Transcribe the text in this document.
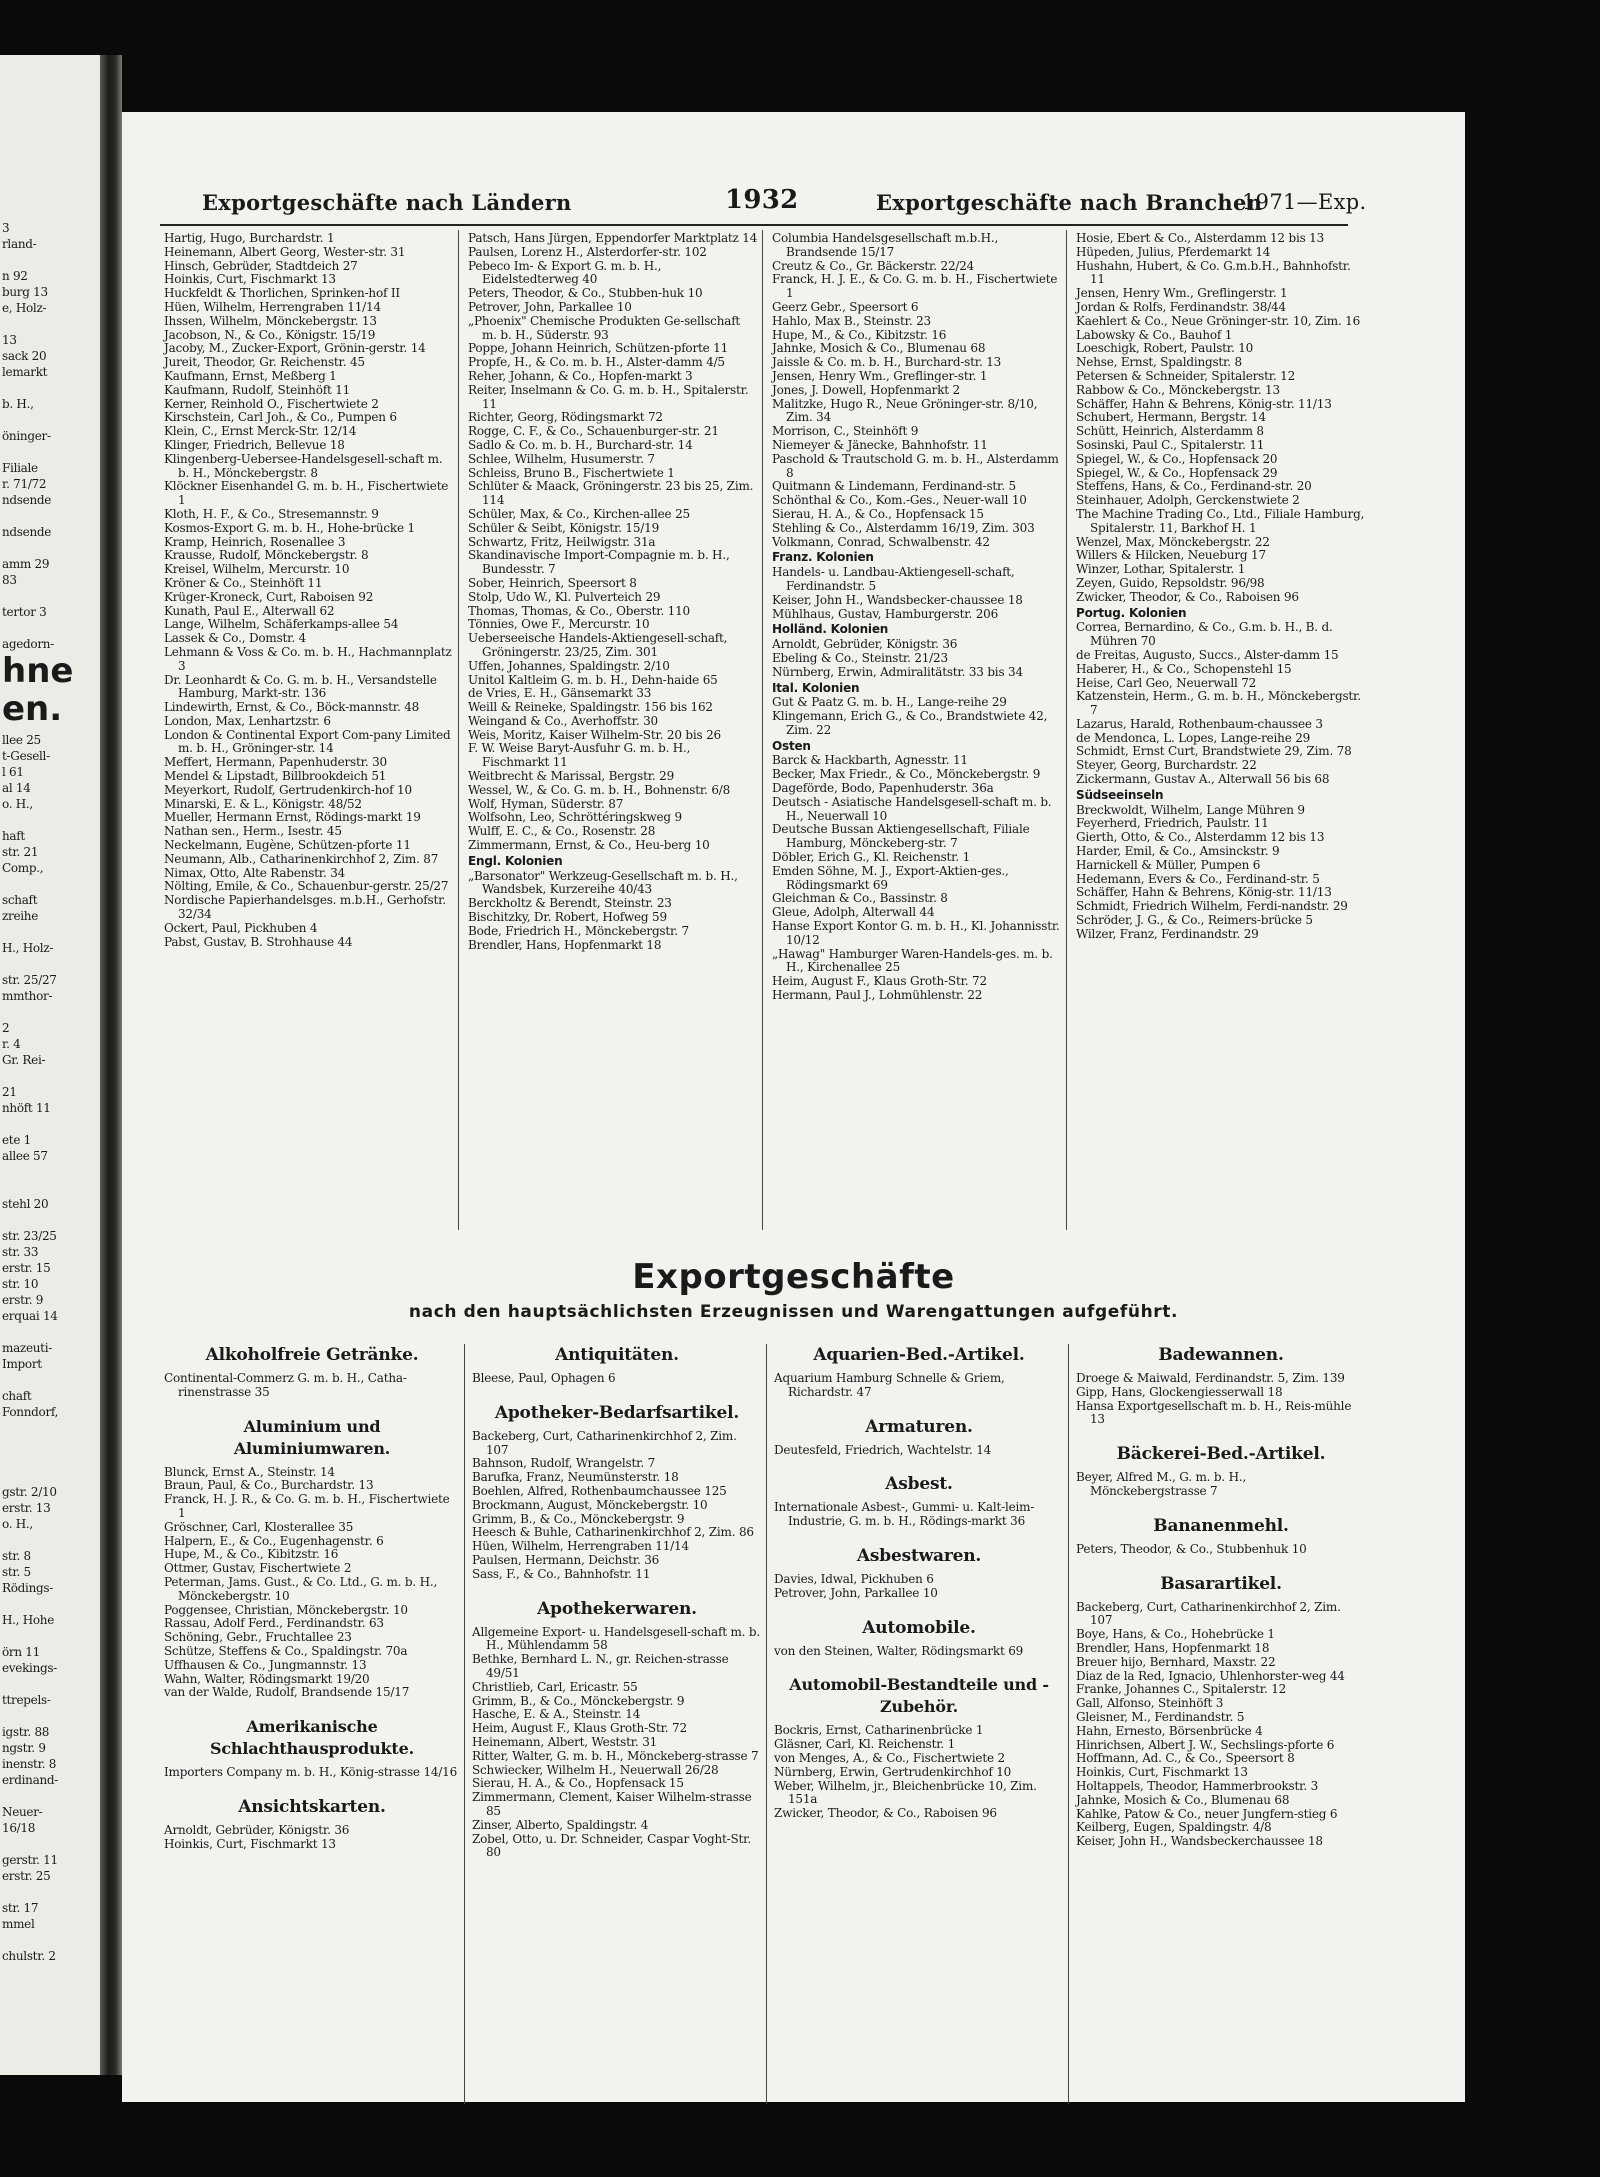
3
rland-

n 92
burg 13
e, Holz-

13
sack 20
lemarkt

b. H.,

öninger-

Filiale
r. 71/72
ndsende

ndsende

amm 29
83

tertor 3

agedorn-
hne
en.
llee 25
t-Gesell-
l 61
al 14
o. H.,

haft
str. 21
Comp.,

schaft
zreihe

H., Holz-

str. 25/27
mmthor-

2
r. 4
Gr. Rei-

21
nhöft 11

ete 1
allee 57

stehl 20

str. 23/25
str. 33
erstr. 15
str. 10
erstr. 9
erquai 14

mazeuti-
Import

chaft
Fonndorf,

gstr. 2/10
erstr. 13
o. H.,

str. 8
str. 5
Rödings-

H., Hohe

örn 11
evekings-

ttrepels-

igstr. 88
ngstr. 9
inenstr. 8
erdinand-

Neuer-
16/18

gerstr. 11
erstr. 25

str. 17
mmel

chulstr. 2
Exportgeschäfte nach Ländern	1932	Exportgeschäfte nach Branchen
1971—Exp.

Hartig, Hugo, Burchardstr. 1

Heinemann, Albert Georg, Wester-str. 31

Hinsch, Gebrüder, Stadtdeich 27

Hoinkis, Curt, Fischmarkt 13

Huckfeldt & Thorlichen, Sprinken-hof II

Hüen, Wilhelm, Herrengraben 11/14

Ihssen, Wilhelm, Mönckebergstr. 13

Jacobson, N., & Co., Königstr. 15/19

Jacoby, M., Zucker-Export, Grönin-gerstr. 14

Jureit, Theodor, Gr. Reichenstr. 45

Kaufmann, Ernst, Meßberg 1

Kaufmann, Rudolf, Steinhöft 11

Kerner, Reinhold O., Fischertwiete 2

Kirschstein, Carl Joh., & Co., Pumpen 6

Klein, C., Ernst Merck-Str. 12/14

Klinger, Friedrich, Bellevue 18

Klingenberg-Uebersee-Handelsgesell-schaft m. b. H., Mönckebergstr. 8

Klöckner Eisenhandel G. m. b. H., Fischertwiete 1

Kloth, H. F., & Co., Stresemannstr. 9

Kosmos-Export G. m. b. H., Hohe-brücke 1

Kramp, Heinrich, Rosenallee 3

Krausse, Rudolf, Mönckebergstr. 8

Kreisel, Wilhelm, Mercurstr. 10

Kröner & Co., Steinhöft 11

Krüger-Kroneck, Curt, Raboisen 92

Kunath, Paul E., Alterwall 62

Lange, Wilhelm, Schäferkamps-allee 54

Lassek & Co., Domstr. 4

Lehmann & Voss & Co. m. b. H., Hachmannplatz 3

Dr. Leonhardt & Co. G. m. b. H., Versandstelle Hamburg, Markt-str. 136

Lindewirth, Ernst, & Co., Böck-mannstr. 48

London, Max, Lenhartzstr. 6

London & Continental Export Com-pany Limited m. b. H., Gröninger-str. 14

Meffert, Hermann, Papenhuderstr. 30

Mendel & Lipstadt, Billbrookdeich 51

Meyerkort, Rudolf, Gertrudenkirch-hof 10

Minarski, E. & L., Königstr. 48/52

Mueller, Hermann Ernst, Rödings-markt 19

Nathan sen., Herm., Isestr. 45

Neckelmann, Eugène, Schützen-pforte 11

Neumann, Alb., Catharinenkirchhof 2, Zim. 87

Nimax, Otto, Alte Rabenstr. 34

Nölting, Emile, & Co., Schauenbur-gerstr. 25/27

Nordische Papierhandelsges. m.b.H., Gerhofstr. 32/34

Ockert, Paul, Pickhuben 4

Pabst, Gustav, B. Strohhause 44

Patsch, Hans Jürgen, Eppendorfer Marktplatz 14

Paulsen, Lorenz H., Alsterdorfer-str. 102

Pebeco Im- & Export G. m. b. H., Eidelstedterweg 40

Peters, Theodor, & Co., Stubben-huk 10

Petrover, John, Parkallee 10

„Phoenix" Chemische Produkten Ge-sellschaft m. b. H., Süderstr. 93

Poppe, Johann Heinrich, Schützen-pforte 11

Propfe, H., & Co. m. b. H., Alster-damm 4/5

Reher, Johann, & Co., Hopfen-markt 3

Reiter, Inselmann & Co. G. m. b. H., Spitalerstr. 11

Richter, Georg, Rödingsmarkt 72

Rogge, C. F., & Co., Schauenburger-str. 21

Sadlo & Co. m. b. H., Burchard-str. 14

Schlee, Wilhelm, Husumerstr. 7

Schleiss, Bruno B., Fischertwiete 1

Schlüter & Maack, Gröningerstr. 23 bis 25, Zim. 114

Schüler, Max, & Co., Kirchen-allee 25

Schüler & Seibt, Königstr. 15/19

Schwartz, Fritz, Heilwigstr. 31a

Skandinavische Import-Compagnie m. b. H., Bundesstr. 7

Sober, Heinrich, Speersort 8

Stolp, Udo W., Kl. Pulverteich 29

Thomas, Thomas, & Co., Oberstr. 110

Tönnies, Owe F., Mercurstr. 10

Ueberseeische Handels-Aktiengesell-schaft, Gröningerstr. 23/25, Zim. 301

Uffen, Johannes, Spaldingstr. 2/10

Unitol Kaltleim G. m. b. H., Dehn-haide 65

de Vries, E. H., Gänsemarkt 33

Weill & Reineke, Spaldingstr. 156 bis 162

Weingand & Co., Averhoffstr. 30

Weis, Moritz, Kaiser Wilhelm-Str. 20 bis 26

F. W. Weise Baryt-Ausfuhr G. m. b. H., Fischmarkt 11

Weitbrecht & Marissal, Bergstr. 29

Wessel, W., & Co. G. m. b. H., Bohnenstr. 6/8

Wolf, Hyman, Süderstr. 87

Wolfsohn, Leo, Schröttéringskweg 9

Wulff, E. C., & Co., Rosenstr. 28

Zimmermann, Ernst, & Co., Heu-berg 10

Engl. Kolonien

„Barsonator" Werkzeug-Gesellschaft m. b. H., Wandsbek, Kurzereihe 40/43

Berckholtz & Berendt, Steinstr. 23

Bischitzky, Dr. Robert, Hofweg 59

Bode, Friedrich H., Mönckebergstr. 7

Brendler, Hans, Hopfenmarkt 18

Columbia Handelsgesellschaft m.b.H., Brandsende 15/17

Creutz & Co., Gr. Bäckerstr. 22/24

Franck, H. J. E., & Co. G. m. b. H., Fischertwiete 1

Geerz Gebr., Speersort 6

Hahlo, Max B., Steinstr. 23

Hupe, M., & Co., Kibitzstr. 16

Jahnke, Mosich & Co., Blumenau 68

Jaissle & Co. m. b. H., Burchard-str. 13

Jensen, Henry Wm., Greflinger-str. 1

Jones, J. Dowell, Hopfenmarkt 2

Malitzke, Hugo R., Neue Gröninger-str. 8/10, Zim. 34

Morrison, C., Steinhöft 9

Niemeyer & Jänecke, Bahnhofstr. 11

Paschold & Trautschold G. m. b. H., Alsterdamm 8

Quitmann & Lindemann, Ferdinand-str. 5

Schönthal & Co., Kom.-Ges., Neuer-wall 10

Sierau, H. A., & Co., Hopfensack 15

Stehling & Co., Alsterdamm 16/19, Zim. 303

Volkmann, Conrad, Schwalbenstr. 42

Franz. Kolonien

Handels- u. Landbau-Aktiengesell-schaft, Ferdinandstr. 5

Keiser, John H., Wandsbecker-chaussee 18

Mühlhaus, Gustav, Hamburgerstr. 206

Holländ. Kolonien

Arnoldt, Gebrüder, Königstr. 36

Ebeling & Co., Steinstr. 21/23

Nürnberg, Erwin, Admiralitätstr. 33 bis 34

Ital. Kolonien

Gut & Paatz G. m. b. H., Lange-reihe 29

Klingemann, Erich G., & Co., Brandstwiete 42, Zim. 22

Osten

Barck & Hackbarth, Agnesstr. 11

Becker, Max Friedr., & Co., Mönckebergstr. 9

Dageförde, Bodo, Papenhuderstr. 36a

Deutsch - Asiatische Handelsgesell-schaft m. b. H., Neuerwall 10

Deutsche Bussan Aktiengesellschaft, Filiale Hamburg, Mönckeberg-str. 7

Döbler, Erich G., Kl. Reichenstr. 1

Emden Söhne, M. J., Export-Aktien-ges., Rödingsmarkt 69

Gleichman & Co., Bassinstr. 8

Gleue, Adolph, Alterwall 44

Hanse Export Kontor G. m. b. H., Kl. Johannisstr. 10/12

„Hawag" Hamburger Waren-Handels-ges. m. b. H., Kirchenallee 25

Heim, August F., Klaus Groth-Str. 72

Hermann, Paul J., Lohmühlenstr. 22

Hosie, Ebert & Co., Alsterdamm 12 bis 13

Hüpeden, Julius, Pferdemarkt 14

Hushahn, Hubert, & Co. G.m.b.H., Bahnhofstr. 11

Jensen, Henry Wm., Greflingerstr. 1

Jordan & Rolfs, Ferdinandstr. 38/44

Kaehlert & Co., Neue Gröninger-str. 10, Zim. 16

Labowsky & Co., Bauhof 1

Loeschigk, Robert, Paulstr. 10

Nehse, Ernst, Spaldingstr. 8

Petersen & Schneider, Spitalerstr. 12

Rabbow & Co., Mönckebergstr. 13

Schäffer, Hahn & Behrens, König-str. 11/13

Schubert, Hermann, Bergstr. 14

Schütt, Heinrich, Alsterdamm 8

Sosinski, Paul C., Spitalerstr. 11

Spiegel, W., & Co., Hopfensack 20

Spiegel, W., & Co., Hopfensack 29

Steffens, Hans, & Co., Ferdinand-str. 20

Steinhauer, Adolph, Gerckenstwiete 2

The Machine Trading Co., Ltd., Filiale Hamburg, Spitalerstr. 11, Barkhof H. 1

Wenzel, Max, Mönckebergstr. 22

Willers & Hilcken, Neueburg 17

Winzer, Lothar, Spitalerstr. 1

Zeyen, Guido, Repsoldstr. 96/98

Zwicker, Theodor, & Co., Raboisen 96

Portug. Kolonien

Correa, Bernardino, & Co., G.m. b. H., B. d. Mühren 70

de Freitas, Augusto, Succs., Alster-damm 15

Haberer, H., & Co., Schopenstehl 15

Heise, Carl Geo, Neuerwall 72

Katzenstein, Herm., G. m. b. H., Mönckebergstr. 7

Lazarus, Harald, Rothenbaum-chaussee 3

de Mendonca, L. Lopes, Lange-reihe 29

Schmidt, Ernst Curt, Brandstwiete 29, Zim. 78

Steyer, Georg, Burchardstr. 22

Zickermann, Gustav A., Alterwall 56 bis 68

Südseeinseln

Breckwoldt, Wilhelm, Lange Mühren 9

Feyerherd, Friedrich, Paulstr. 11

Gierth, Otto, & Co., Alsterdamm 12 bis 13

Harder, Emil, & Co., Amsinckstr. 9

Harnickell & Müller, Pumpen 6

Hedemann, Evers & Co., Ferdinand-str. 5

Schäffer, Hahn & Behrens, König-str. 11/13

Schmidt, Friedrich Wilhelm, Ferdi-nandstr. 29

Schröder, J. G., & Co., Reimers-brücke 5

Wilzer, Franz, Ferdinandstr. 29

Exportgeschäfte
nach den hauptsächlichsten Erzeugnissen und Warengattungen aufgeführt.
Alkoholfreie Getränke.

Continental-Commerz G. m. b. H., Catha-rinenstrasse 35

Aluminium und Aluminiumwaren.

Blunck, Ernst A., Steinstr. 14

Braun, Paul, & Co., Burchardstr. 13

Franck, H. J. R., & Co. G. m. b. H., Fischertwiete 1

Gröschner, Carl, Klosterallee 35

Halpern, E., & Co., Eugenhagenstr. 6

Hupe, M., & Co., Kibitzstr. 16

Ottmer, Gustav, Fischertwiete 2

Peterman, Jams. Gust., & Co. Ltd., G. m. b. H., Mönckebergstr. 10

Poggensee, Christian, Mönckebergstr. 10

Rassau, Adolf Ferd., Ferdinandstr. 63

Schöning, Gebr., Fruchtallee 23

Schütze, Steffens & Co., Spaldingstr. 70a

Uffhausen & Co., Jungmannstr. 13

Wahn, Walter, Rödingsmarkt 19/20

van der Walde, Rudolf, Brandsende 15/17

Amerikanische Schlachthausprodukte.

Importers Company m. b. H., König-strasse 14/16

Ansichtskarten.

Arnoldt, Gebrüder, Königstr. 36

Hoinkis, Curt, Fischmarkt 13

Antiquitäten.

Bleese, Paul, Ophagen 6

Apotheker-Bedarfsartikel.

Backeberg, Curt, Catharinenkirchhof 2, Zim. 107

Bahnson, Rudolf, Wrangelstr. 7

Barufka, Franz, Neumünsterstr. 18

Boehlen, Alfred, Rothenbaumchaussee 125

Brockmann, August, Mönckebergstr. 10

Grimm, B., & Co., Mönckebergstr. 9

Heesch & Buhle, Catharinenkirchhof 2, Zim. 86

Hüen, Wilhelm, Herrengraben 11/14

Paulsen, Hermann, Deichstr. 36

Sass, F., & Co., Bahnhofstr. 11

Apothekerwaren.

Allgemeine Export- u. Handelsgesell-schaft m. b. H., Mühlendamm 58

Bethke, Bernhard L. N., gr. Reichen-strasse 49/51

Christlieb, Carl, Ericastr. 55

Grimm, B., & Co., Mönckebergstr. 9

Hasche, E. & A., Steinstr. 14

Heim, August F., Klaus Groth-Str. 72

Heinemann, Albert, Weststr. 31

Ritter, Walter, G. m. b. H., Mönckeberg-strasse 7

Schwiecker, Wilhelm H., Neuerwall 26/28

Sierau, H. A., & Co., Hopfensack 15

Zimmermann, Clement, Kaiser Wilhelm-strasse 85

Zinser, Alberto, Spaldingstr. 4

Zobel, Otto, u. Dr. Schneider, Caspar Voght-Str. 80

Aquarien-Bed.-Artikel.

Aquarium Hamburg Schnelle & Griem, Richardstr. 47

Armaturen.

Deutesfeld, Friedrich, Wachtelstr. 14

Asbest.

Internationale Asbest-, Gummi- u. Kalt-leim-Industrie, G. m. b. H., Rödings-markt 36

Asbestwaren.

Davies, Idwal, Pickhuben 6

Petrover, John, Parkallee 10

Automobile.

von den Steinen, Walter, Rödingsmarkt 69

Automobil-Bestandteile und -Zubehör.

Bockris, Ernst, Catharinenbrücke 1

Gläsner, Carl, Kl. Reichenstr. 1

von Menges, A., & Co., Fischertwiete 2

Nürnberg, Erwin, Gertrudenkirchhof 10

Weber, Wilhelm, jr., Bleichenbrücke 10, Zim. 151a

Zwicker, Theodor, & Co., Raboisen 96

Badewannen.

Droege & Maiwald, Ferdinandstr. 5, Zim. 139

Gipp, Hans, Glockengiesserwall 18

Hansa Exportgesellschaft m. b. H., Reis-mühle 13

Bäckerei-Bed.-Artikel.

Beyer, Alfred M., G. m. b. H., Mönckebergstrasse 7

Bananenmehl.

Peters, Theodor, & Co., Stubbenhuk 10

Basarartikel.

Backeberg, Curt, Catharinenkirchhof 2, Zim. 107

Boye, Hans, & Co., Hohebrücke 1

Brendler, Hans, Hopfenmarkt 18

Breuer hijo, Bernhard, Maxstr. 22

Diaz de la Red, Ignacio, Uhlenhorster-weg 44

Franke, Johannes C., Spitalerstr. 12

Gall, Alfonso, Steinhöft 3

Gleisner, M., Ferdinandstr. 5

Hahn, Ernesto, Börsenbrücke 4

Hinrichsen, Albert J. W., Sechslings-pforte 6

Hoffmann, Ad. C., & Co., Speersort 8

Hoinkis, Curt, Fischmarkt 13

Holtappels, Theodor, Hammerbrookstr. 3

Jahnke, Mosich & Co., Blumenau 68

Kahlke, Patow & Co., neuer Jungfern-stieg 6

Keilberg, Eugen, Spaldingstr. 4/8

Keiser, John H., Wandsbeckerchaussee 18
